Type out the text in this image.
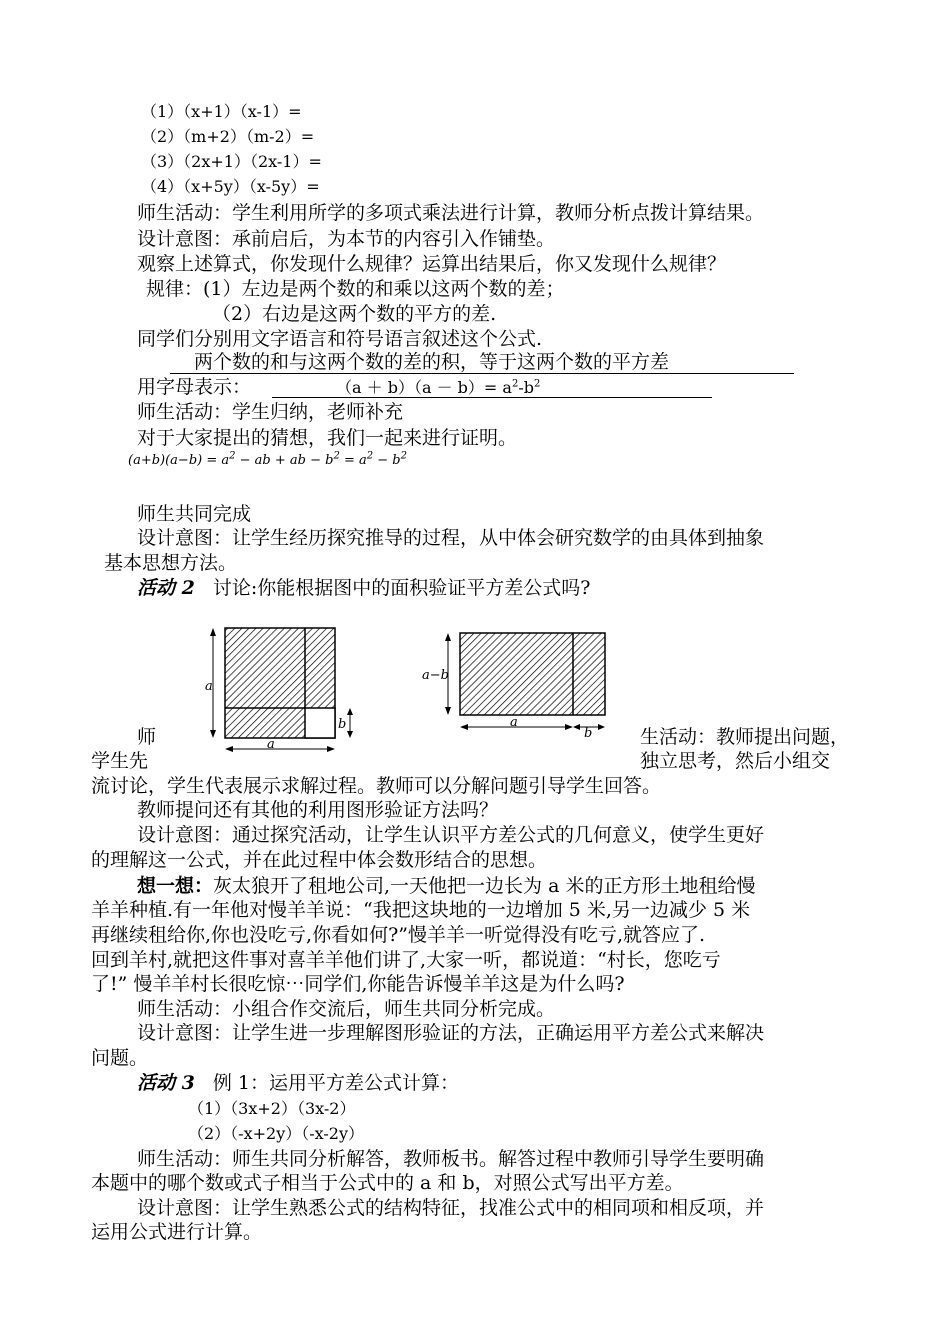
（1）（x+1）（x-1）=
（2）（m+2）（m-2）=
（3）（2x+1）（2x-1）=
（4）（x+5y）（x-5y）=
师生活动：学生利用所学的多项式乘法进行计算，教师分析点拨计算结果。
设计意图：承前启后，为本节的内容引入作铺垫。
观察上述算式，你发现什么规律？运算出结果后，你又发现什么规律？
规律：(1）左边是两个数的和乘以这两个数的差；
（2）右边是这两个数的平方的差.
同学们分别用文字语言和符号语言叙述这个公式.
两个数的和与这两个数的差的积，等于这两个数的平方差
用字母表示：	$(a + b)(a - b)= a^2-b^2$
师生活动：学生归纳，老师补充
对于大家提出的猜想，我们一起来进行证明。
$(a+b)(a-b) = a^2$ − ab + ab − $b^2 = a^2 - b^2$
师生共同完成
设计意图：让学生经历探究推导的过程，从中体会研究数学的由具体到抽象
基本思想方法。
活动 2 讨论:你能根据图中的面积验证平方差公式吗?
a
a
b
a−b
a
b
师	生活动：教师提出问题，
学生先	独立思考，然后小组交
流讨论，学生代表展示求解过程。教师可以分解问题引导学生回答。
教师提问还有其他的利用图形验证方法吗？
设计意图：通过探究活动，让学生认识平方差公式的几何意义，使学生更好
的理解这一公式，并在此过程中体会数形结合的思想。
想一想：灰太狼开了租地公司,一天他把一边长为 a 米的正方形土地租给慢
羊羊种植.有一年他对慢羊羊说：“我把这块地的一边增加 5 米,另一边减少 5 米
再继续租给你,你也没吃亏,你看如何?”慢羊羊一听觉得没有吃亏,就答应了.
回到羊村,就把这件事对喜羊羊他们讲了,大家一听，都说道：“村长，您吃亏
了!” 慢羊羊村长很吃惊⋯同学们,你能告诉慢羊羊这是为什么吗?
师生活动：小组合作交流后，师生共同分析完成。
设计意图：让学生进一步理解图形验证的方法，正确运用平方差公式来解决
问题。
活动 3 例 1：运用平方差公式计算：
（1）（3x+2）（3x-2）
（2）（-x+2y）（-x-2y）
师生活动：师生共同分析解答，教师板书。解答过程中教师引导学生要明确
本题中的哪个数或式子相当于公式中的 a 和 b，对照公式写出平方差。
设计意图：让学生熟悉公式的结构特征，找准公式中的相同项和相反项，并
运用公式进行计算。
